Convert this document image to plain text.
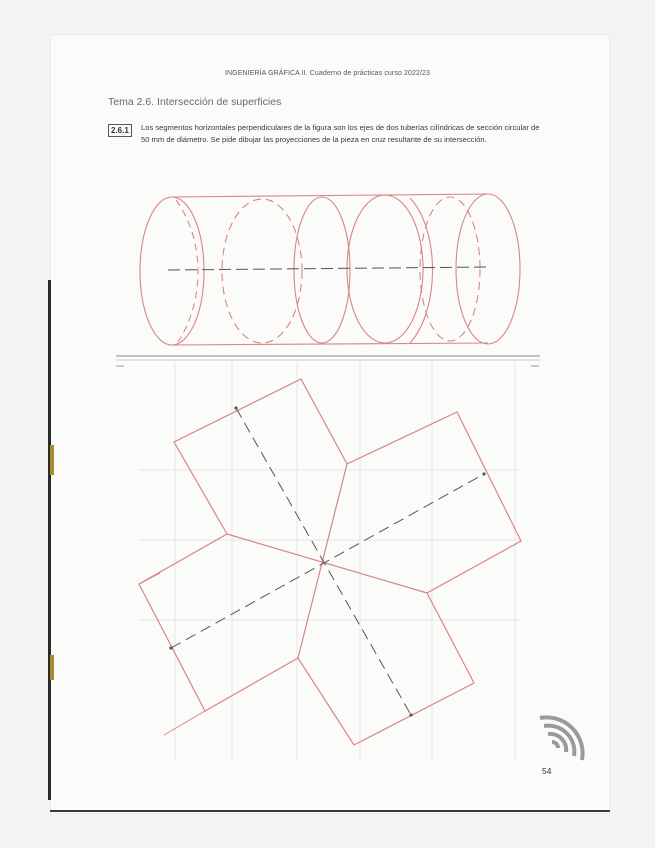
INGENIERÍA GRÁFICA II. Cuaderno de prácticas curso 2022/23
Tema 2.6. Intersección de superficies
2.6.1	Los segmentos horizontales perpendiculares de la figura son los ejes de dos tuberías cilíndricas de sección circular de 50 mm de diámetro. Se pide dibujar las proyecciones de la pieza en cruz resultante de su intersección.
54
